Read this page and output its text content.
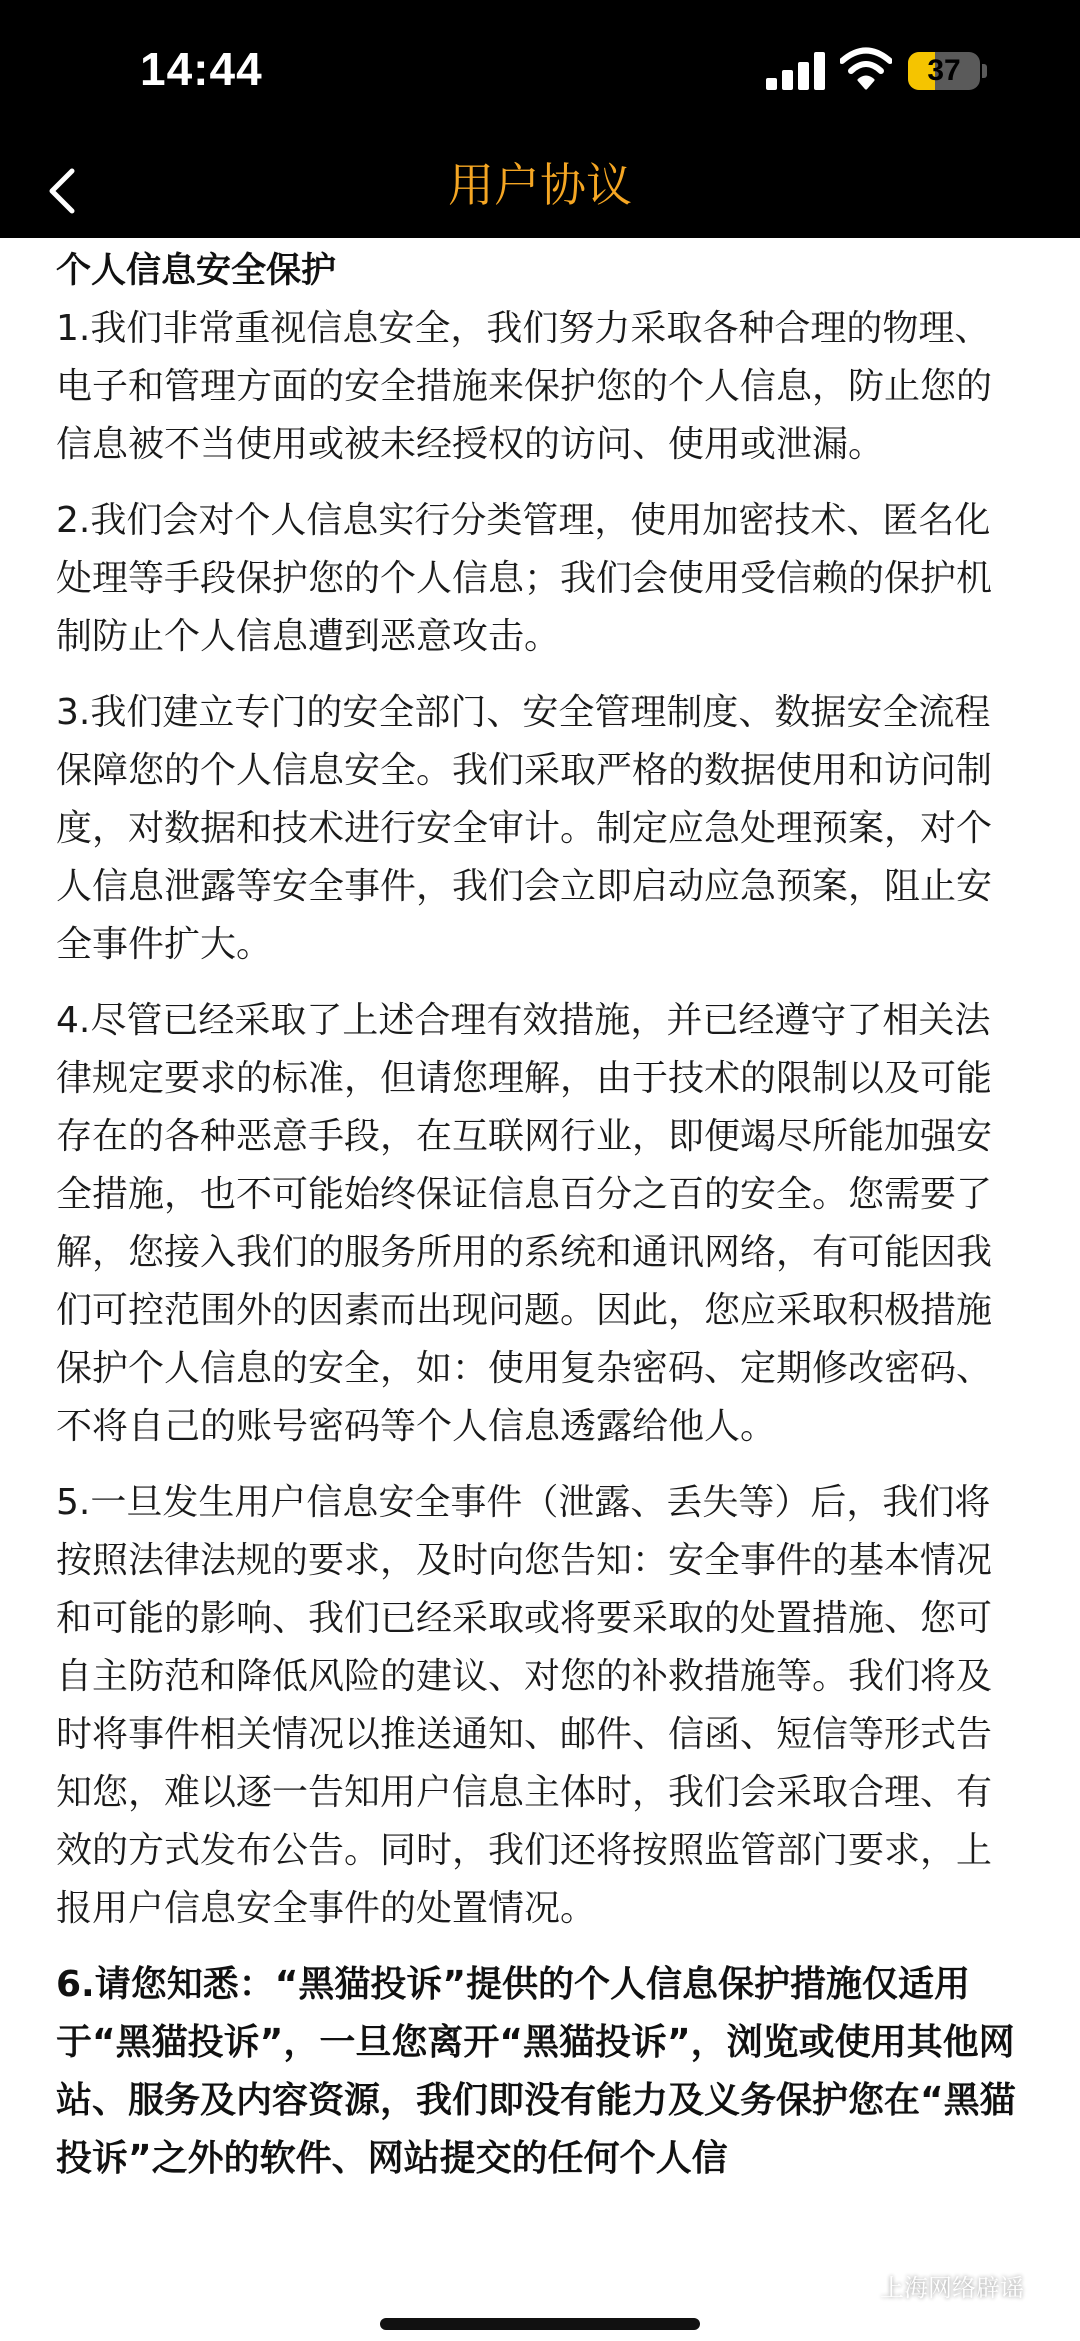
14:44	37
用户协议
个人信息安全保护

1.我们非常重视信息安全，我们努力采取各种合理的物理、电子和管理方面的安全措施来保护您的个人信息，防止您的信息被不当使用或被未经授权的访问、使用或泄漏。

2.我们会对个人信息实行分类管理，使用加密技术、匿名化处理等手段保护您的个人信息；我们会使用受信赖的保护机制防止个人信息遭到恶意攻击。

3.我们建立专门的安全部门、安全管理制度、数据安全流程保障您的个人信息安全。我们采取严格的数据使用和访问制度，对数据和技术进行安全审计。制定应急处理预案，对个人信息泄露等安全事件，我们会立即启动应急预案，阻止安全事件扩大。

4.尽管已经采取了上述合理有效措施，并已经遵守了相关法律规定要求的标准，但请您理解，由于技术的限制以及可能存在的各种恶意手段，在互联网行业，即便竭尽所能加强安全措施，也不可能始终保证信息百分之百的安全。您需要了解，您接入我们的服务所用的系统和通讯网络，有可能因我们可控范围外的因素而出现问题。因此，您应采取积极措施保护个人信息的安全，如：使用复杂密码、定期修改密码、不将自己的账号密码等个人信息透露给他人。

5.一旦发生用户信息安全事件（泄露、丢失等）后，我们将按照法律法规的要求，及时向您告知：安全事件的基本情况和可能的影响、我们已经采取或将要采取的处置措施、您可自主防范和降低风险的建议、对您的补救措施等。我们将及时将事件相关情况以推送通知、邮件、信函、短信等形式告知您，难以逐一告知用户信息主体时，我们会采取合理、有效的方式发布公告。同时，我们还将按照监管部门要求，上报用户信息安全事件的处置情况。

6.请您知悉：“黑猫投诉”提供的个人信息保护措施仅适用于“黑猫投诉”，一旦您离开“黑猫投诉”，浏览或使用其他网站、服务及内容资源，我们即没有能力及义务保护您在“黑猫投诉”之外的软件、网站提交的任何个人信

上海网络辟谣
